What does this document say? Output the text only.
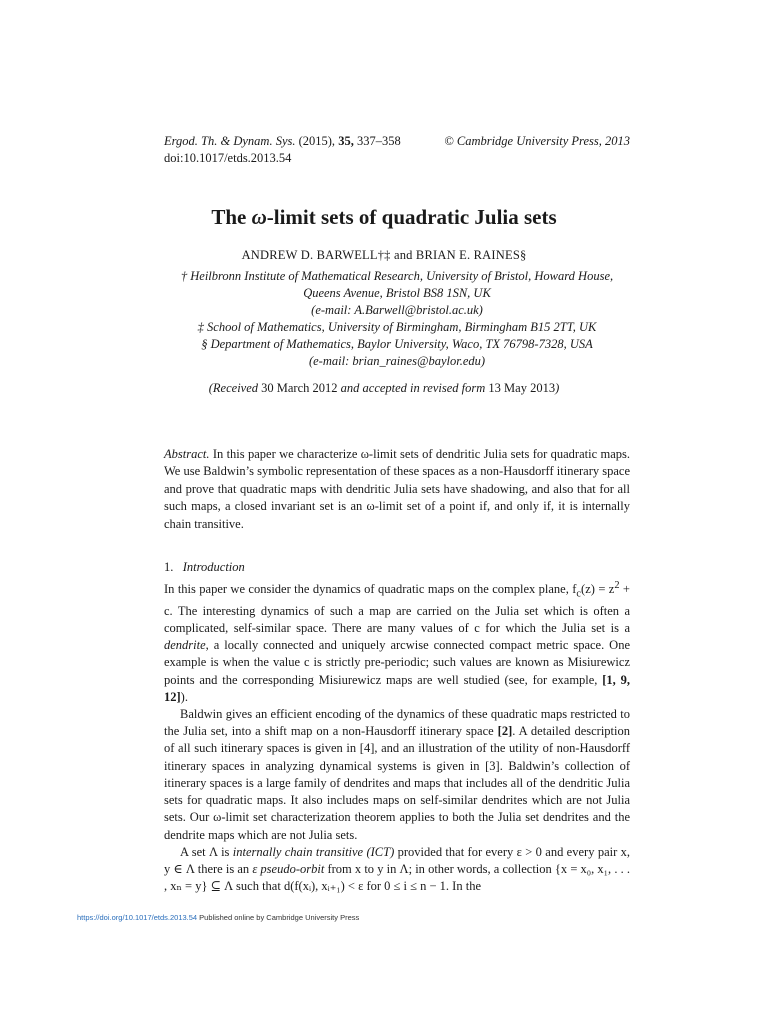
Ergod. Th. & Dynam. Sys. (2015), 35, 337–358	© Cambridge University Press, 2013
doi:10.1017/etds.2013.54
The ω-limit sets of quadratic Julia sets
ANDREW D. BARWELL†‡ and BRIAN E. RAINES§
† Heilbronn Institute of Mathematical Research, University of Bristol, Howard House,
Queens Avenue, Bristol BS8 1SN, UK
(e-mail: A.Barwell@bristol.ac.uk)
‡ School of Mathematics, University of Birmingham, Birmingham B15 2TT, UK
§ Department of Mathematics, Baylor University, Waco, TX 76798-7328, USA
(e-mail: brian_raines@baylor.edu)
(Received 30 March 2012 and accepted in revised form 13 May 2013)
Abstract. In this paper we characterize ω-limit sets of dendritic Julia sets for quadratic maps. We use Baldwin’s symbolic representation of these spaces as a non-Hausdorff itinerary space and prove that quadratic maps with dendritic Julia sets have shadowing, and also that for all such maps, a closed invariant set is an ω-limit set of a point if, and only if, it is internally chain transitive.
1. Introduction

In this paper we consider the dynamics of quadratic maps on the complex plane, $f_c(z) = z^2 + c$. The interesting dynamics of such a map are carried on the Julia set which is often a complicated, self-similar space. There are many values of c for which the Julia set is a dendrite, a locally connected and uniquely arcwise connected compact metric space. One example is when the value c is strictly pre-periodic; such values are known as Misiurewicz points and the corresponding Misiurewicz maps are well studied (see, for example, [1, 9, 12]).

Baldwin gives an efficient encoding of the dynamics of these quadratic maps restricted to the Julia set, into a shift map on a non-Hausdorff itinerary space [2]. A detailed description of all such itinerary spaces is given in [4], and an illustration of the utility of non-Hausdorff itinerary spaces in analyzing dynamical systems is given in [3]. Baldwin’s collection of itinerary spaces is a large family of dendrites and maps that includes all of the dendritic Julia sets for quadratic maps. It also includes maps on self-similar dendrites which are not Julia sets. Our ω-limit set characterization theorem applies to both the Julia set dendrites and the dendrite maps which are not Julia sets.

A set Λ is internally chain transitive (ICT) provided that for every ε > 0 and every pair x, y ∈ Λ there is an ε pseudo-orbit from x to y in Λ; in other words, a collection {x = x₀, x₁, . . . , xₙ = y} ⊆ Λ such that d(f(xᵢ), xᵢ₊₁) < ε for 0 ≤ i ≤ n − 1. In the

https://doi.org/10.1017/etds.2013.54 Published online by Cambridge University Press
